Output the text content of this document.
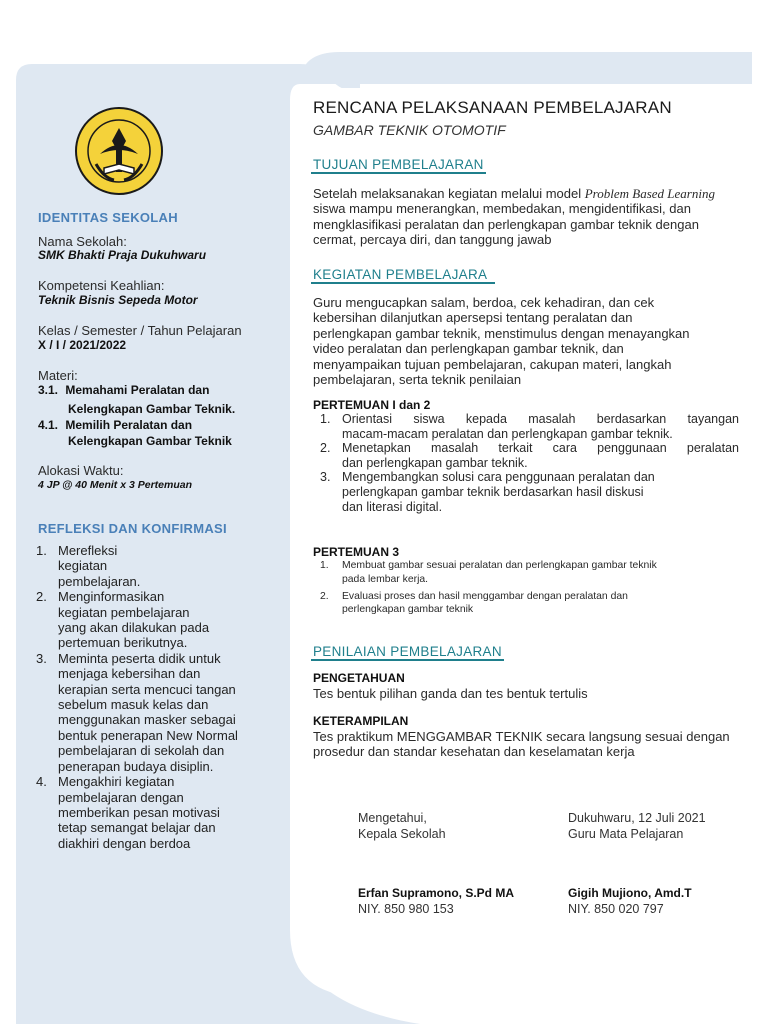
IDENTITAS SEKOLAH
Nama Sekolah:
SMK Bhakti Praja Dukuhwaru
Kompetensi Keahlian:
Teknik Bisnis Sepeda Motor
Kelas / Semester / Tahun Pelajaran
X / I / 2021/2022
Materi:
3.1. Memahami Peralatan dan
Kelengkapan Gambar Teknik.
4.1. Memilih Peralatan dan
Kelengkapan Gambar Teknik
Alokasi Waktu:
4 JP @ 40 Menit x 3 Pertemuan
REFLEKSI DAN KONFIRMASI
1. Merefleksi
kegiatan
pembelajaran.
2. Menginformasikan
kegiatan pembelajaran
yang akan dilakukan pada
pertemuan berikutnya.
3. Meminta peserta didik untuk
menjaga kebersihan dan
kerapian serta mencuci tangan
sebelum masuk kelas dan
menggunakan masker sebagai
bentuk penerapan New Normal
pembelajaran di sekolah dan
penerapan budaya disiplin.
4. Mengakhiri kegiatan
pembelajaran dengan
memberikan pesan motivasi
tetap semangat belajar dan
diakhiri dengan berdoa
RENCANA PELAKSANAAN PEMBELAJARAN
GAMBAR TEKNIK OTOMOTIF
TUJUAN PEMBELAJARAN
Setelah melaksanakan kegiatan melalui model Problem Based Learning
siswa mampu menerangkan, membedakan, mengidentifikasi, dan
mengklasifikasi peralatan dan perlengkapan gambar teknik dengan
cermat, percaya diri, dan tanggung jawab
KEGIATAN PEMBELAJARA
Guru mengucapkan salam, berdoa, cek kehadiran, dan cek
kebersihan dilanjutkan apersepsi tentang peralatan dan
perlengkapan gambar teknik, menstimulus dengan menayangkan
video peralatan dan perlengkapan gambar teknik, dan
menyampaikan tujuan pembelajaran, cakupan materi, langkah
pembelajaran, serta teknik penilaian
PERTEMUAN I dan 2
1. Orientasi siswa kepada masalah berdasarkan tayangan
macam-macam peralatan dan perlengkapan gambar teknik.
2. Menetapkan masalah terkait cara penggunaan peralatan
dan perlengkapan gambar teknik.
3. Mengembangkan solusi cara penggunaan peralatan dan
perlengkapan gambar teknik berdasarkan hasil diskusi
dan literasi digital.
PERTEMUAN 3
1. Membuat gambar sesuai peralatan dan perlengkapan gambar teknik
pada lembar kerja.
2. Evaluasi proses dan hasil menggambar dengan peralatan dan
perlengkapan gambar teknik
PENILAIAN PEMBELAJARAN
PENGETAHUAN
Tes bentuk pilihan ganda dan tes bentuk tertulis
KETERAMPILAN
Tes praktikum MENGGAMBAR TEKNIK secara langsung sesuai dengan
prosedur dan standar kesehatan dan keselamatan kerja
Mengetahui,
Kepala Sekolah
Dukuhwaru, 12 Juli 2021
Guru Mata Pelajaran
Erfan Supramono, S.Pd MA
NIY. 850 980 153
Gigih Mujiono, Amd.T
NIY. 850 020 797
